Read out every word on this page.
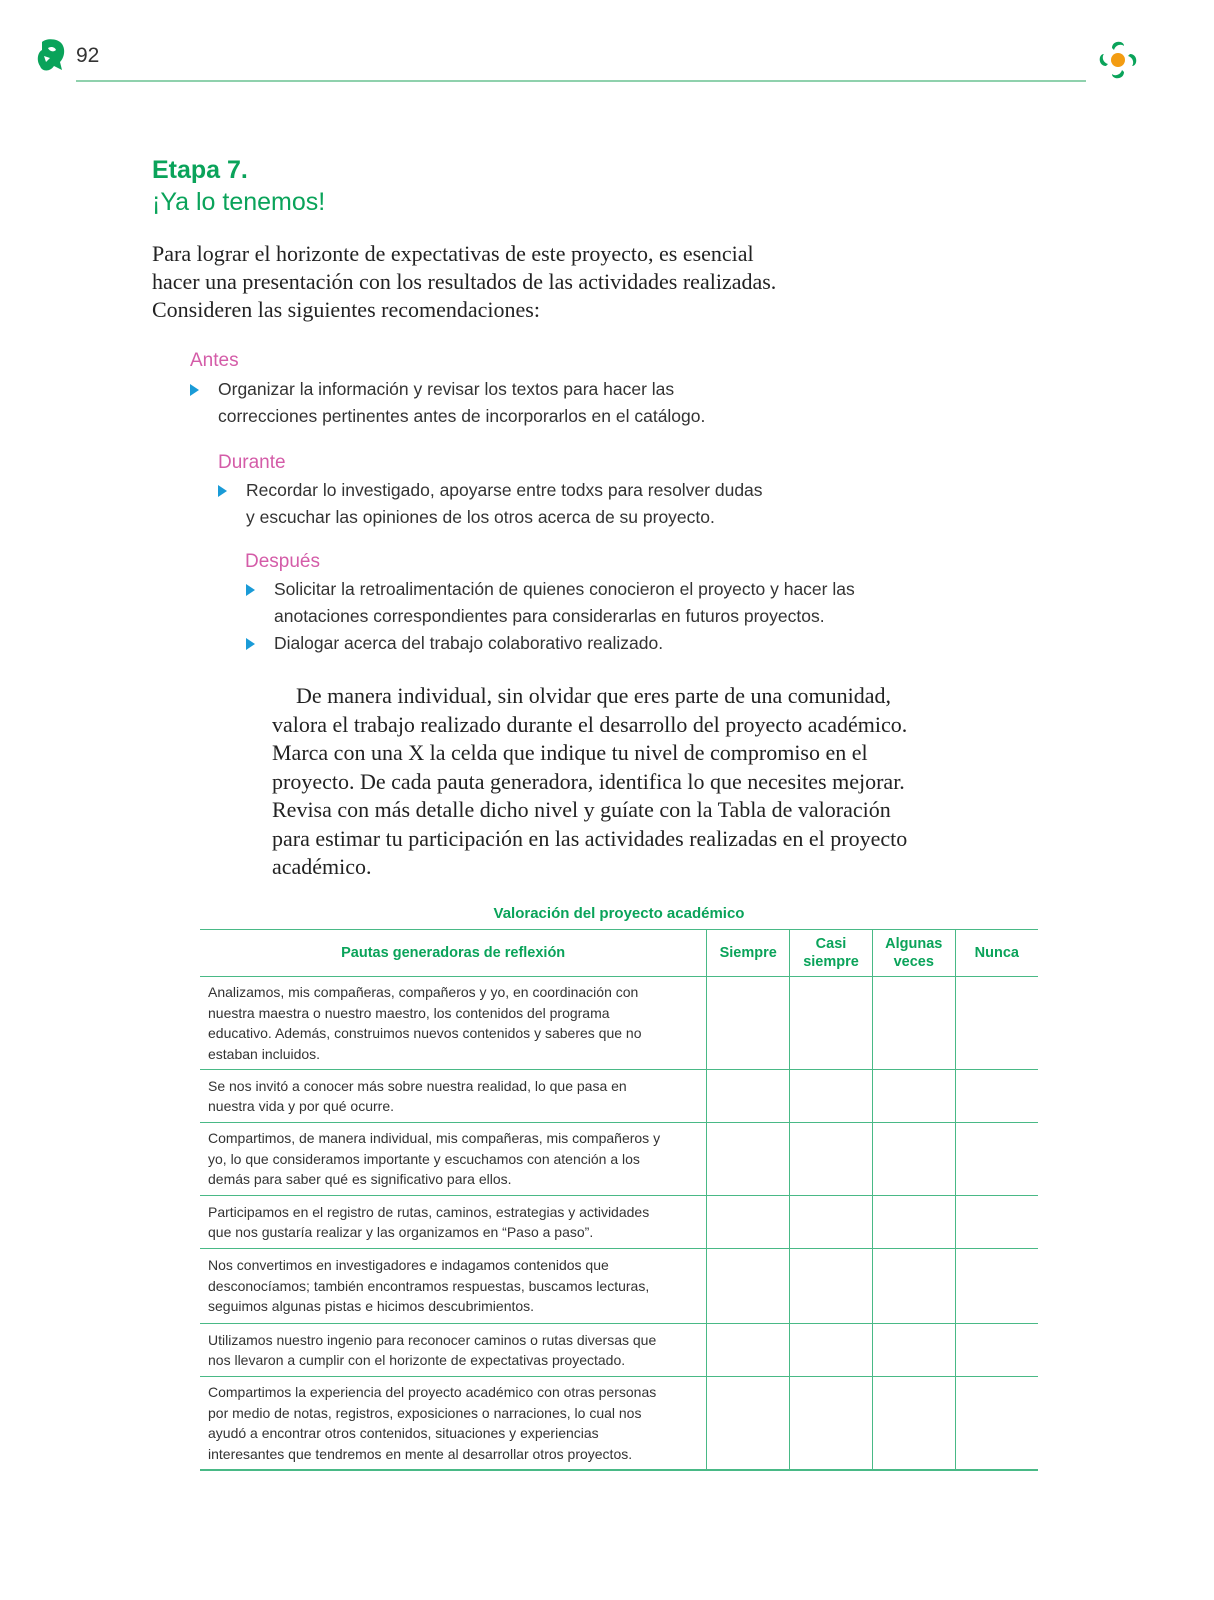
92
Etapa 7.
¡Ya lo tenemos!
Para lograr el horizonte de expectativas de este proyecto, es esencial hacer una presentación con los resultados de las actividades realizadas. Consideren las siguientes recomendaciones:
Antes
Organizar la información y revisar los textos para hacer las correcciones pertinentes antes de incorporarlos en el catálogo.
Durante
Recordar lo investigado, apoyarse entre todxs para resolver dudas y escuchar las opiniones de los otros acerca de su proyecto.
Después
Solicitar la retroalimentación de quienes conocieron el proyecto y hacer las anotaciones correspondientes para considerarlas en futuros proyectos.
Dialogar acerca del trabajo colaborativo realizado.

De manera individual, sin olvidar que eres parte de una comunidad, valora el trabajo realizado durante el desarrollo del proyecto académico. Marca con una X la celda que indique tu nivel de compromiso en el proyecto. De cada pauta generadora, identifica lo que necesites mejorar. Revisa con más detalle dicho nivel y guíate con la Tabla de valoración para estimar tu participación en las actividades realizadas en el proyecto académico.

Valoración del proyecto académico
Pautas generadoras de reflexión	Siempre	Casi siempre	Algunas veces	Nunca
Analizamos, mis compañeras, compañeros y yo, en coordinación con nuestra maestra o nuestro maestro, los contenidos del programa educativo. Además, construimos nuevos contenidos y saberes que no estaban incluidos.				
Se nos invitó a conocer más sobre nuestra realidad, lo que pasa en nuestra vida y por qué ocurre.				
Compartimos, de manera individual, mis compañeras, mis compañeros y yo, lo que consideramos importante y escuchamos con atención a los demás para saber qué es significativo para ellos.				
Participamos en el registro de rutas, caminos, estrategias y actividades que nos gustaría realizar y las organizamos en “Paso a paso”.				
Nos convertimos en investigadores e indagamos contenidos que desconocíamos; también encontramos respuestas, buscamos lecturas, seguimos algunas pistas e hicimos descubrimientos.				
Utilizamos nuestro ingenio para reconocer caminos o rutas diversas que nos llevaron a cumplir con el horizonte de expectativas proyectado.				
Compartimos la experiencia del proyecto académico con otras personas por medio de notas, registros, exposiciones o narraciones, lo cual nos ayudó a encontrar otros contenidos, situaciones y experiencias interesantes que tendremos en mente al desarrollar otros proyectos.				
